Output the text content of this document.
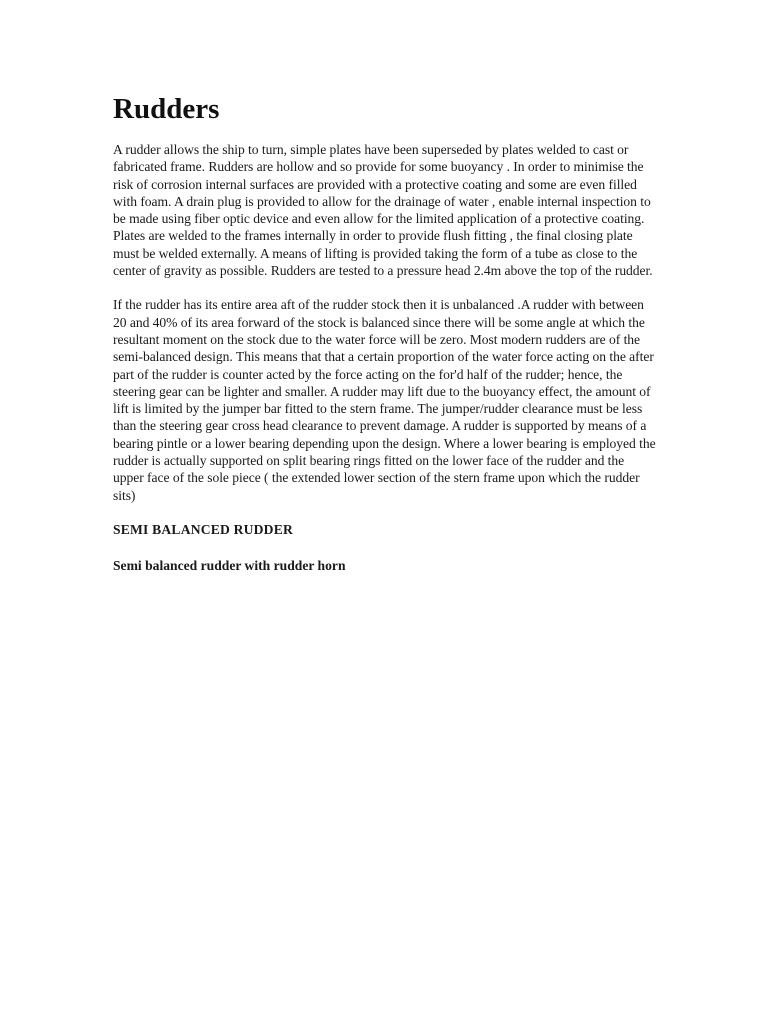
Rudders

A rudder allows the ship to turn, simple plates have been superseded by plates welded to cast or fabricated frame. Rudders are hollow and so provide for some buoyancy . In order to minimise the risk of corrosion internal surfaces are provided with a protective coating and some are even filled with foam. A drain plug is provided to allow for the drainage of water , enable internal inspection to be made using fiber optic device and even allow for the limited application of a protective coating. Plates are welded to the frames internally in order to provide flush fitting , the final closing plate must be welded externally. A means of lifting is provided taking the form of a tube as close to the center of gravity as possible. Rudders are tested to a pressure head 2.4m above the top of the rudder.

If the rudder has its entire area aft of the rudder stock then it is unbalanced .A rudder with between 20 and 40% of its area forward of the stock is balanced since there will be some angle at which the resultant moment on the stock due to the water force will be zero. Most modern rudders are of the semi-balanced design. This means that that a certain proportion of the water force acting on the after part of the rudder is counter acted by the force acting on the for'd half of the rudder; hence, the steering gear can be lighter and smaller. A rudder may lift due to the buoyancy effect, the amount of lift is limited by the jumper bar fitted to the stern frame. The jumper/rudder clearance must be less than the steering gear cross head clearance to prevent damage. A rudder is supported by means of a bearing pintle or a lower bearing depending upon the design. Where a lower bearing is employed the rudder is actually supported on split bearing rings fitted on the lower face of the rudder and the upper face of the sole piece ( the extended lower section of the stern frame upon which the rudder sits)

SEMI BALANCED RUDDER
Semi balanced rudder with rudder horn
